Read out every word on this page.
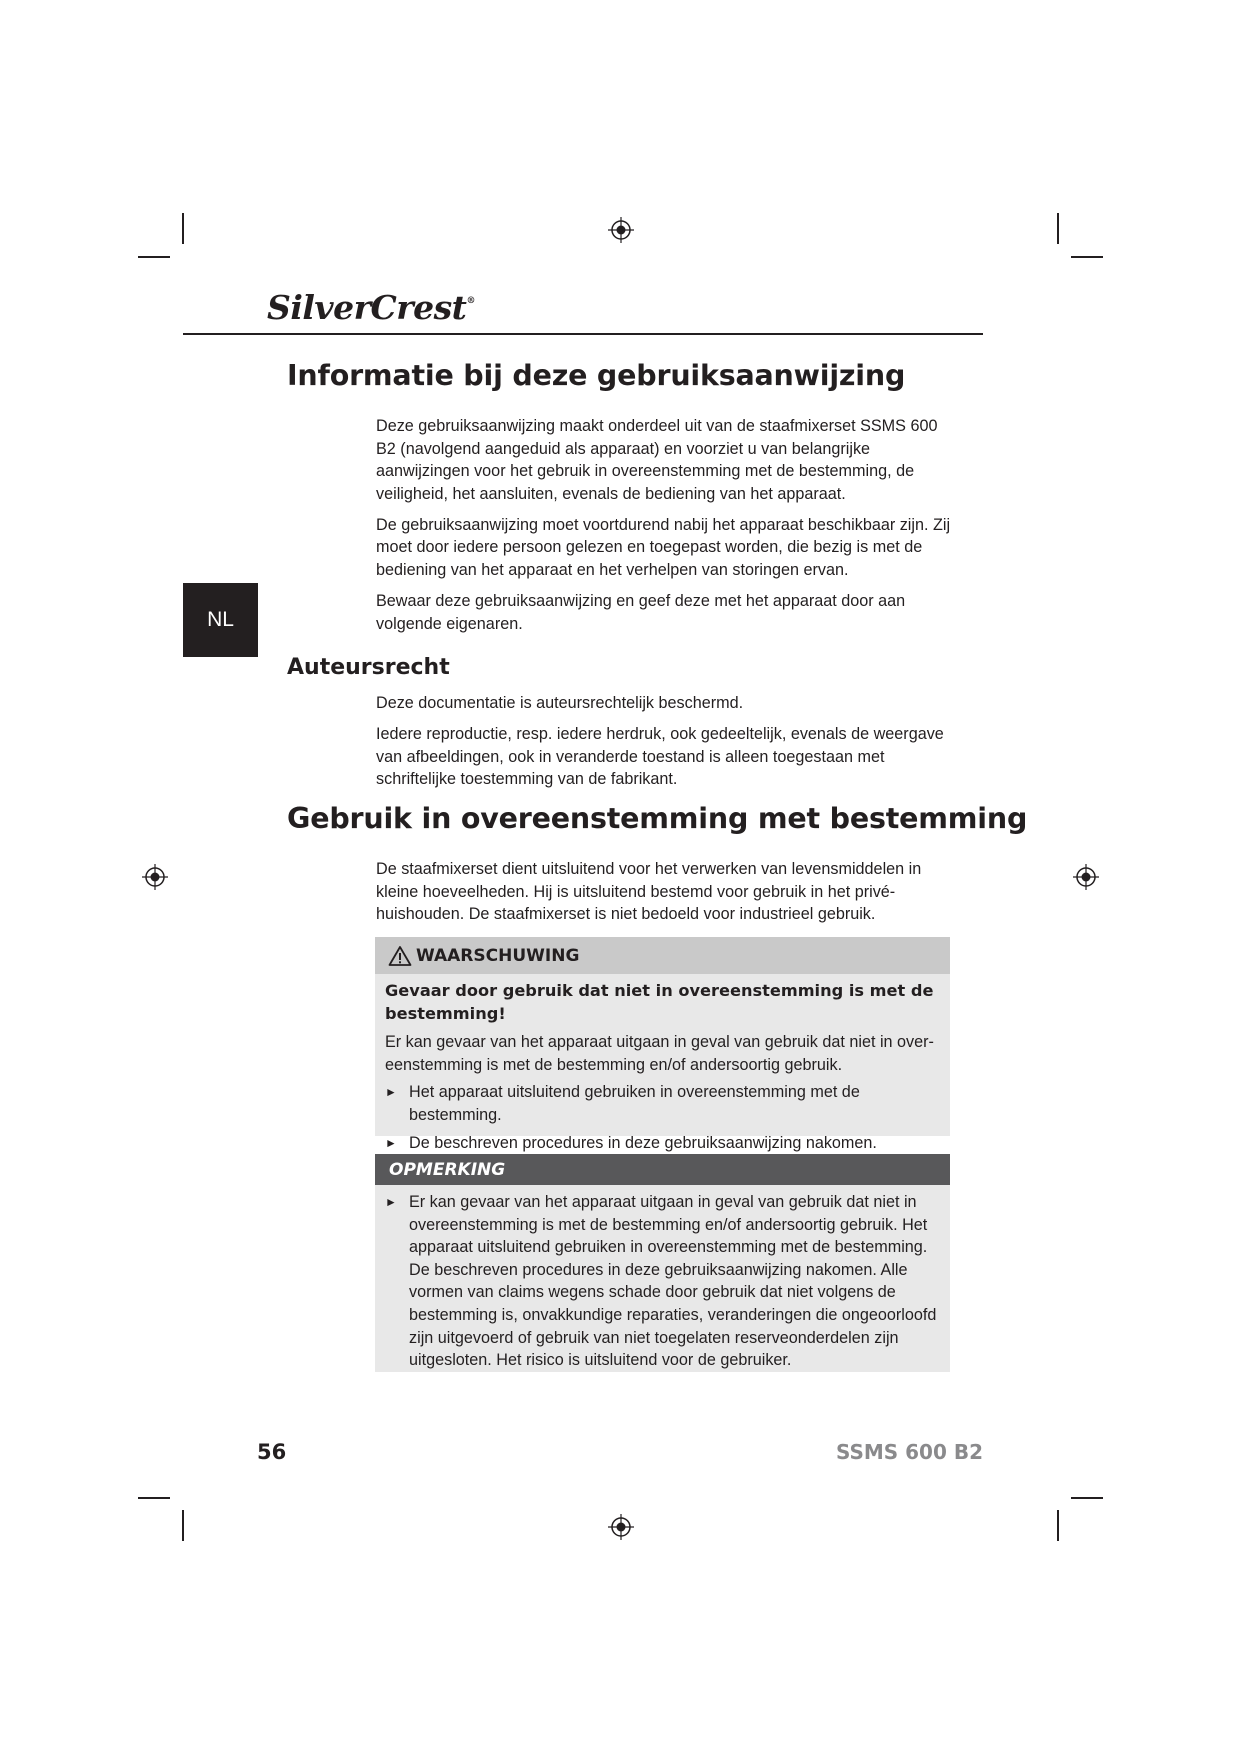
SilverCrest®
NL
Informatie bij deze gebruiksaanwijzing

Deze gebruiksaanwijzing maakt onderdeel uit van de staafmixerset SSMS 600 B2 (navolgend aangeduid als apparaat) en voorziet u van belangrijke aanwijzingen voor het gebruik in overeenstemming met de bestemming, de veiligheid, het aansluiten, evenals de bediening van het apparaat.

De gebruiksaanwijzing moet voortdurend nabij het apparaat beschikbaar zijn. Zij moet door iedere persoon gelezen en toegepast worden, die bezig is met de bediening van het apparaat en het verhelpen van storingen ervan.

Bewaar deze gebruiksaanwijzing en geef deze met het apparaat door aan volgende eigenaren.

Auteursrecht

Deze documentatie is auteursrechtelijk beschermd.

Iedere reproductie, resp. iedere herdruk, ook gedeeltelijk, evenals de weergave van afbeeldingen, ook in veranderde toestand is alleen toegestaan met schriftelijke toestemming van de fabrikant.

Gebruik in overeenstemming met bestemming

De staafmixerset dient uitsluitend voor het verwerken van levensmiddelen in kleine hoeveelheden. Hij is uitsluitend bestemd voor gebruik in het privé-huishouden. De staafmixerset is niet bedoeld voor industrieel gebruik.

WAARSCHUWING
Gevaar door gebruik dat niet in overeenstemming is met de bestemming!

Er kan gevaar van het apparaat uitgaan in geval van gebruik dat niet in overeenstemming is met de bestemming en/of andersoortig gebruik.

► Het apparaat uitsluitend gebruiken in overeenstemming met de bestemming.
► De beschreven procedures in deze gebruiksaanwijzing nakomen.
OPMERKING
► Er kan gevaar van het apparaat uitgaan in geval van gebruik dat niet in overeenstemming is met de bestemming en/of andersoortig gebruik. Het apparaat uitsluitend gebruiken in overeenstemming met de bestemming. De beschreven procedures in deze gebruiksaanwijzing nakomen. Alle vormen van claims wegens schade door gebruik dat niet volgens de bestemming is, onvakkundige reparaties, veranderingen die ongeoorloofd zijn uitgevoerd of gebruik van niet toegelaten reserveonderdelen zijn uitgesloten. Het risico is uitsluitend voor de gebruiker.
56	SSMS 600 B2
